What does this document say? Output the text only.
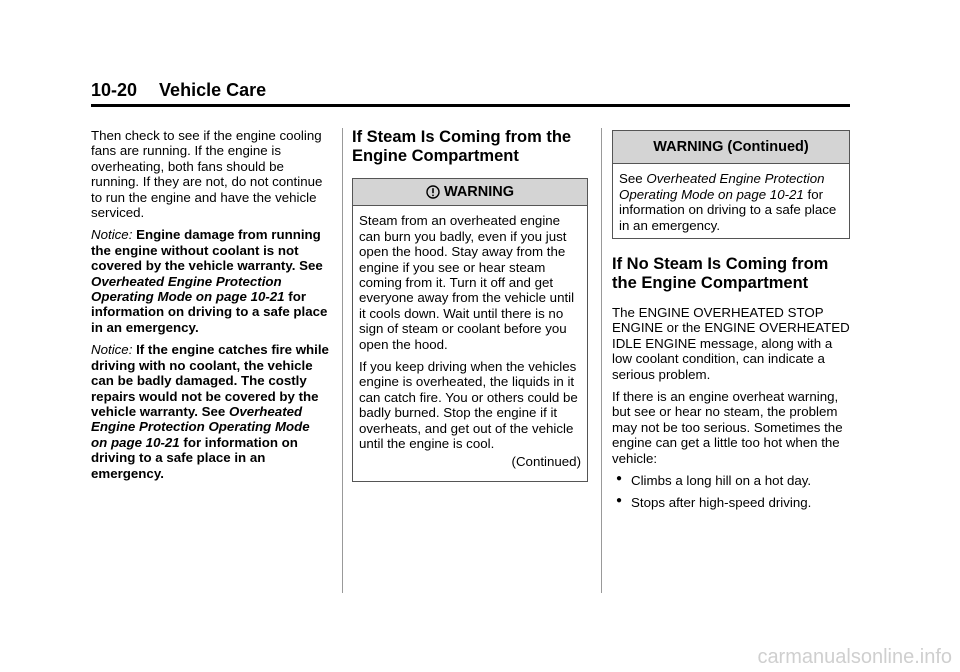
10-20 Vehicle Care

Then check to see if the engine cooling fans are running. If the engine is overheating, both fans should be running. If they are not, do not continue to run the engine and have the vehicle serviced.

Notice: Engine damage from running the engine without coolant is not covered by the vehicle warranty. See Overheated Engine Protection Operating Mode on page 10-21 for information on driving to a safe place in an emergency.

Notice: If the engine catches fire while driving with no coolant, the vehicle can be badly damaged. The costly repairs would not be covered by the vehicle warranty. See Overheated Engine Protection Operating Mode on page 10-21 for information on driving to a safe place in an emergency.

If Steam Is Coming from the Engine Compartment
WARNING

Steam from an overheated engine can burn you badly, even if you just open the hood. Stay away from the engine if you see or hear steam coming from it. Turn it off and get everyone away from the vehicle until it cools down. Wait until there is no sign of steam or coolant before you open the hood.

If you keep driving when the vehicles engine is overheated, the liquids in it can catch fire. You or others could be badly burned. Stop the engine if it overheats, and get out of the vehicle until the engine is cool.

(Continued)

WARNING (Continued)

See Overheated Engine Protection Operating Mode on page 10-21 for information on driving to a safe place in an emergency.

If No Steam Is Coming from the Engine Compartment

The ENGINE OVERHEATED STOP ENGINE or the ENGINE OVERHEATED IDLE ENGINE message, along with a low coolant condition, can indicate a serious problem.

If there is an engine overheat warning, but see or hear no steam, the problem may not be too serious. Sometimes the engine can get a little too hot when the vehicle:

● Climbs a long hill on a hot day.
● Stops after high-speed driving.
carmanualsonline.info
